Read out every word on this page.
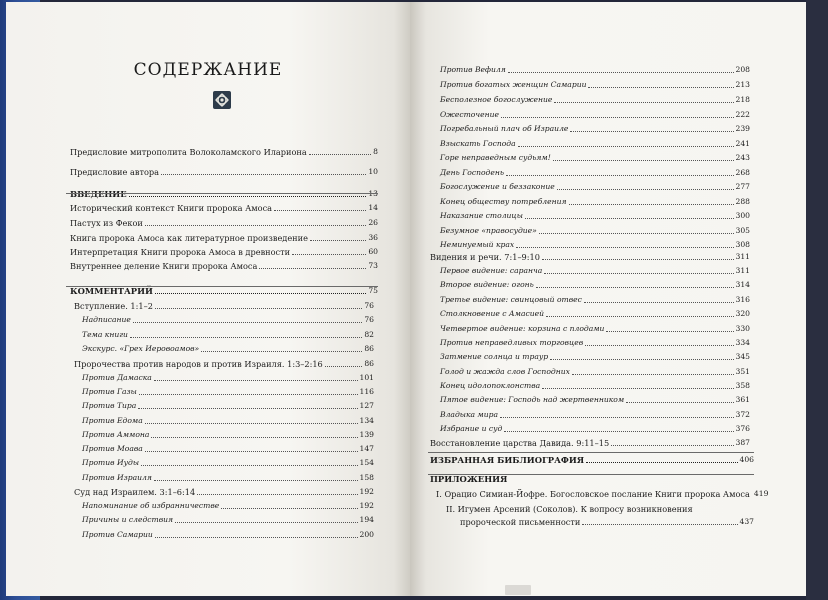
СОДЕРЖАНИЕ
Предисловие митрополита Волоколамского Илариона	8
Предисловие автора	10
ВВЕДЕНИЕ	13
Исторический контекст Книги пророка Амоса	14
Пастух из Фекои	26
Книга пророка Амоса как литературное произведение	36
Интерпретация Книги пророка Амоса в древности	60
Внутреннее деление Книги пророка Амоса	73
КОММЕНТАРИЙ	75
Вступление. 1:1–2	76
Надписание	76
Тема книги	82
Экскурс. «Грех Иеровоамов»	86
Пророчества против народов и против Израиля. 1:3–2:16	86
Против Дамаска	101
Против Газы	116
Против Тира	127
Против Едома	134
Против Аммона	139
Против Моава	147
Против Иуды	154
Против Израиля	158
Суд над Израилем. 3:1–6:14	192
Напоминание об избранничестве	192
Причины и следствия	194
Против Самарии	200
Против Вефиля	208
Против богатых женщин Самарии	213
Бесполезное богослужение	218
Ожесточение	222
Погребальный плач об Израиле	239
Взыскать Господа	241
Горе неправедным судьям!	243
День Господень	268
Богослужение и беззаконие	277
Конец обществу потребления	288
Наказание столицы	300
Безумное «правосудие»	305
Неминуемый крах	308
Видения и речи. 7:1–9:10	311
Первое видение: саранча	311
Второе видение: огонь	314
Третье видение: свинцовый отвес	316
Столкновение с Амасией	320
Четвертое видение: корзина с плодами	330
Против неправедливых торговцев	334
Затмение солнца и траур	345
Голод и жажда слов Господних	351
Конец идолопоклонства	358
Пятое видение: Господь над жертвенником	361
Владыка мира	372
Избрание и суд	376
Восстановление царства Давида. 9:11–15	387
ИЗБРАННАЯ БИБЛИОГРАФИЯ	406
ПРИЛОЖЕНИЯ
I. Орацио Симиан-Йофре. Богословское послание Книги пророка Амоса 419
II. Игумен Арсений (Соколов). К вопросу возникновения
пророческой письменности	437
